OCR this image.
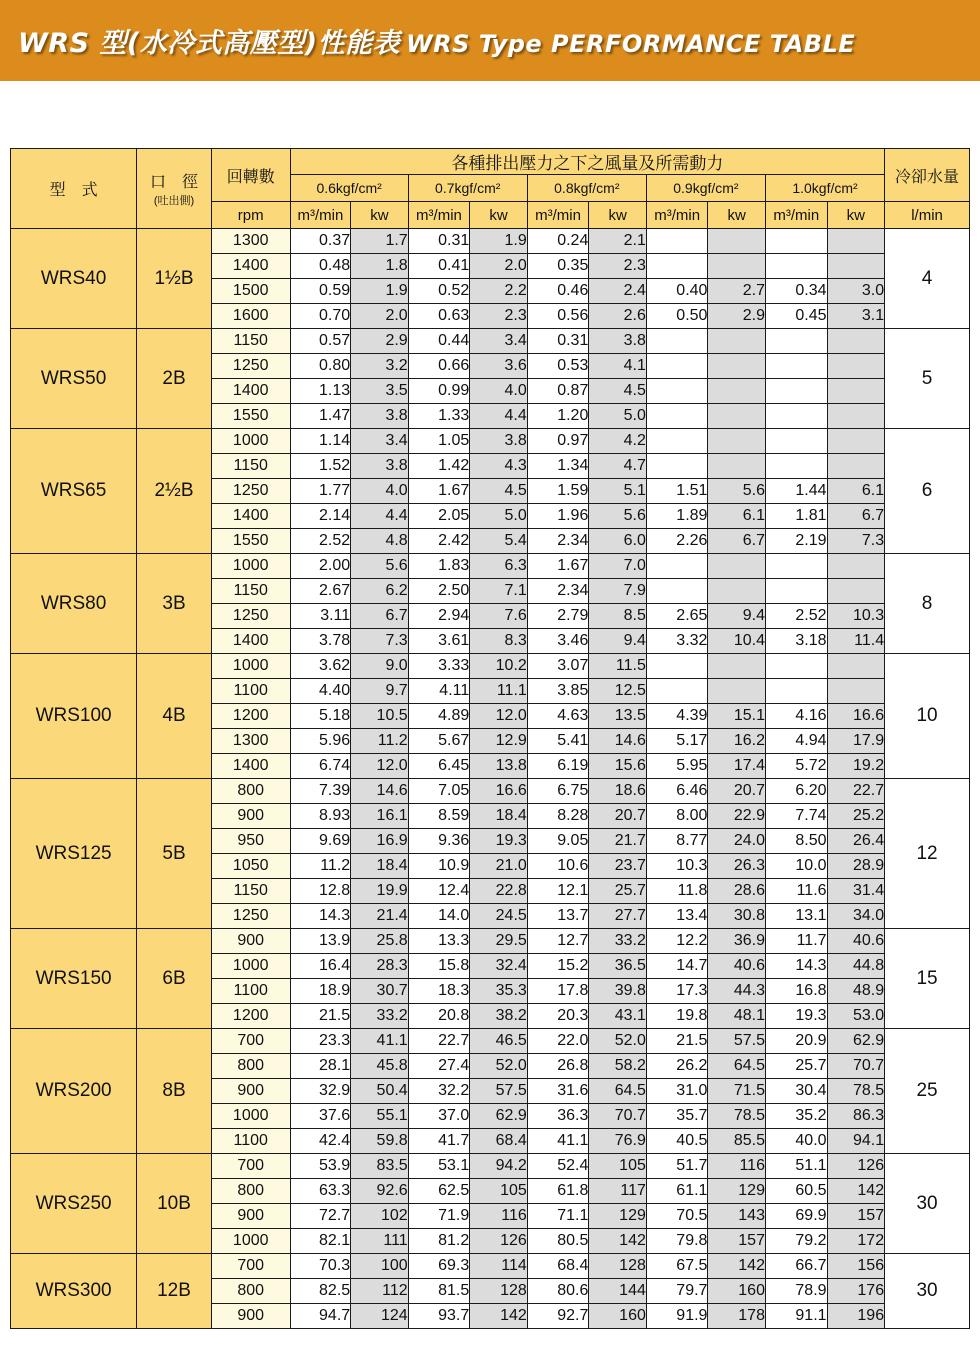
WRS 型(水冷式高壓型)性能表 WRS Type PERFORMANCE TABLE
型　式	口　徑
(吐出側)	回轉數	各種排出壓力之下之風量及所需動力										冷卻水量
			0.6kgf/cm²		0.7kgf/cm²		0.8kgf/cm²		0.9kgf/cm²		1.0kgf/cm²		
		rpm	m³/min	kw	m³/min	kw	m³/min	kw	m³/min	kw	m³/min	kw	l/min
WRS40	1½B	1300	0.37	1.7	0.31	1.9	0.24	2.1					4
		1400	0.48	1.8	0.41	2.0	0.35	2.3					
		1500	0.59	1.9	0.52	2.2	0.46	2.4	0.40	2.7	0.34	3.0	
		1600	0.70	2.0	0.63	2.3	0.56	2.6	0.50	2.9	0.45	3.1	
WRS50	2B	1150	0.57	2.9	0.44	3.4	0.31	3.8					5
		1250	0.80	3.2	0.66	3.6	0.53	4.1					
		1400	1.13	3.5	0.99	4.0	0.87	4.5					
		1550	1.47	3.8	1.33	4.4	1.20	5.0					
WRS65	2½B	1000	1.14	3.4	1.05	3.8	0.97	4.2					6
		1150	1.52	3.8	1.42	4.3	1.34	4.7					
		1250	1.77	4.0	1.67	4.5	1.59	5.1	1.51	5.6	1.44	6.1	
		1400	2.14	4.4	2.05	5.0	1.96	5.6	1.89	6.1	1.81	6.7	
		1550	2.52	4.8	2.42	5.4	2.34	6.0	2.26	6.7	2.19	7.3	
WRS80	3B	1000	2.00	5.6	1.83	6.3	1.67	7.0					8
		1150	2.67	6.2	2.50	7.1	2.34	7.9					
		1250	3.11	6.7	2.94	7.6	2.79	8.5	2.65	9.4	2.52	10.3	
		1400	3.78	7.3	3.61	8.3	3.46	9.4	3.32	10.4	3.18	11.4	
WRS100	4B	1000	3.62	9.0	3.33	10.2	3.07	11.5					10
		1100	4.40	9.7	4.11	11.1	3.85	12.5					
		1200	5.18	10.5	4.89	12.0	4.63	13.5	4.39	15.1	4.16	16.6	
		1300	5.96	11.2	5.67	12.9	5.41	14.6	5.17	16.2	4.94	17.9	
		1400	6.74	12.0	6.45	13.8	6.19	15.6	5.95	17.4	5.72	19.2	
WRS125	5B	800	7.39	14.6	7.05	16.6	6.75	18.6	6.46	20.7	6.20	22.7	12
		900	8.93	16.1	8.59	18.4	8.28	20.7	8.00	22.9	7.74	25.2	
		950	9.69	16.9	9.36	19.3	9.05	21.7	8.77	24.0	8.50	26.4	
		1050	11.2	18.4	10.9	21.0	10.6	23.7	10.3	26.3	10.0	28.9	
		1150	12.8	19.9	12.4	22.8	12.1	25.7	11.8	28.6	11.6	31.4	
		1250	14.3	21.4	14.0	24.5	13.7	27.7	13.4	30.8	13.1	34.0	
WRS150	6B	900	13.9	25.8	13.3	29.5	12.7	33.2	12.2	36.9	11.7	40.6	15
		1000	16.4	28.3	15.8	32.4	15.2	36.5	14.7	40.6	14.3	44.8	
		1100	18.9	30.7	18.3	35.3	17.8	39.8	17.3	44.3	16.8	48.9	
		1200	21.5	33.2	20.8	38.2	20.3	43.1	19.8	48.1	19.3	53.0	
WRS200	8B	700	23.3	41.1	22.7	46.5	22.0	52.0	21.5	57.5	20.9	62.9	25
		800	28.1	45.8	27.4	52.0	26.8	58.2	26.2	64.5	25.7	70.7	
		900	32.9	50.4	32.2	57.5	31.6	64.5	31.0	71.5	30.4	78.5	
		1000	37.6	55.1	37.0	62.9	36.3	70.7	35.7	78.5	35.2	86.3	
		1100	42.4	59.8	41.7	68.4	41.1	76.9	40.5	85.5	40.0	94.1	
WRS250	10B	700	53.9	83.5	53.1	94.2	52.4	105	51.7	116	51.1	126	30
		800	63.3	92.6	62.5	105	61.8	117	61.1	129	60.5	142	
		900	72.7	102	71.9	116	71.1	129	70.5	143	69.9	157	
		1000	82.1	111	81.2	126	80.5	142	79.8	157	79.2	172	
WRS300	12B	700	70.3	100	69.3	114	68.4	128	67.5	142	66.7	156	30
		800	82.5	112	81.5	128	80.6	144	79.7	160	78.9	176	
		900	94.7	124	93.7	142	92.7	160	91.9	178	91.1	196	
